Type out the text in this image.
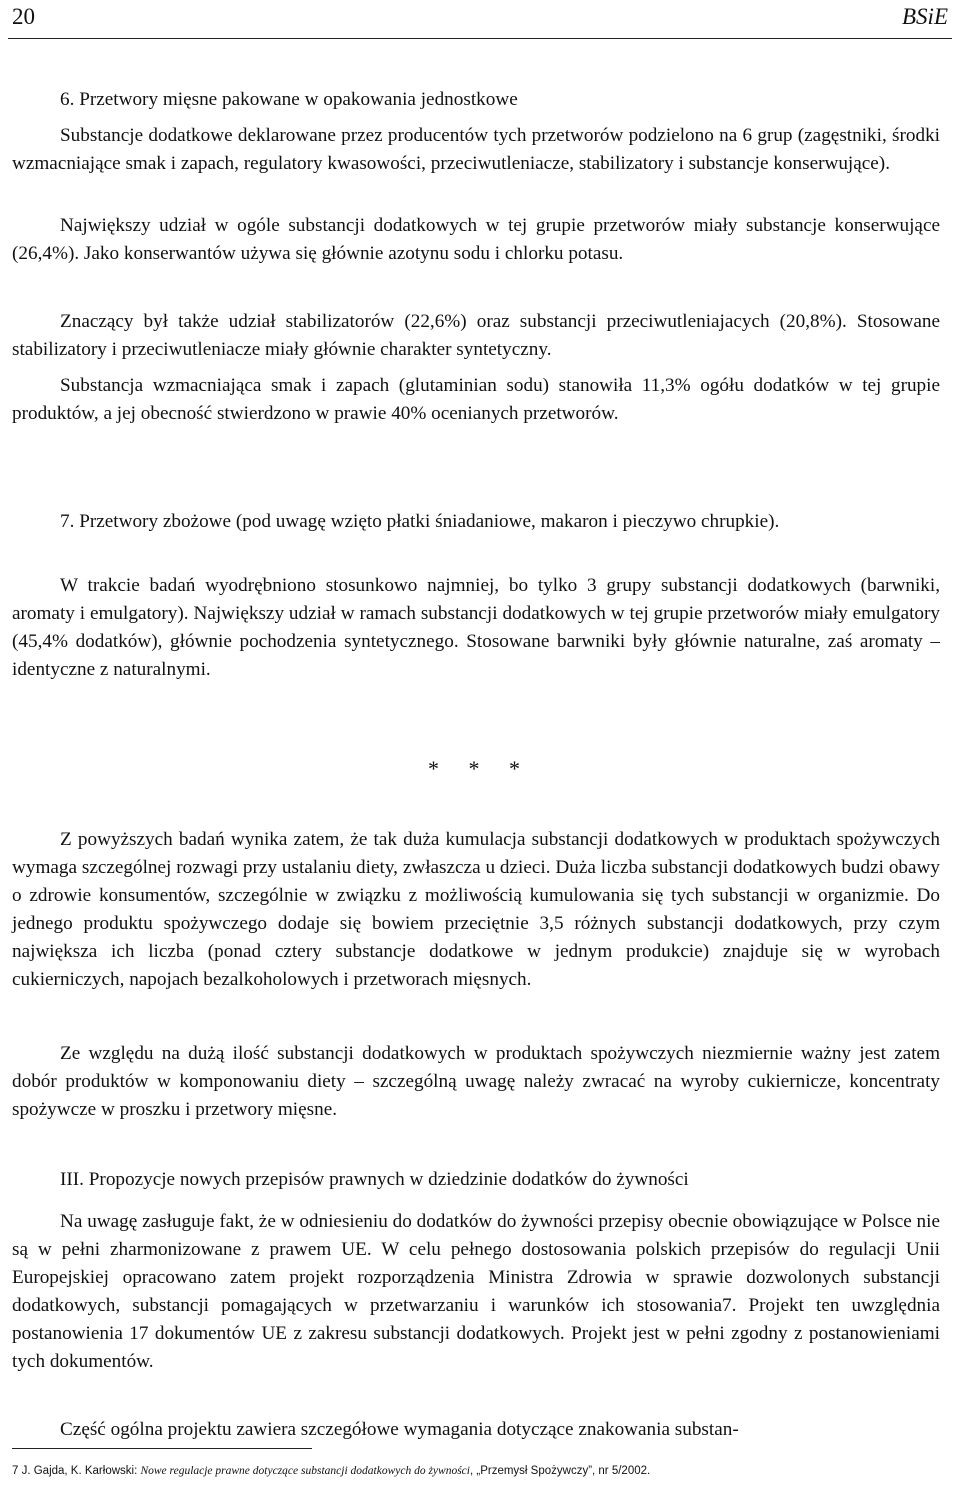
20	BSiE

6. Przetwory mięsne pakowane w opakowania jednostkowe

Substancje dodatkowe deklarowane przez producentów tych przetworów podzielono na 6 grup (zagęstniki, środki wzmacniające smak i zapach, regulatory kwasowości, przeciwutleniacze, stabilizatory i substancje konserwujące).

Największy udział w ogóle substancji dodatkowych w tej grupie przetworów miały substancje konserwujące (26,4%). Jako konserwantów używa się głównie azotynu sodu i chlorku potasu.

Znaczący był także udział stabilizatorów (22,6%) oraz substancji przeciwutleniajacych (20,8%). Stosowane stabilizatory i przeciwutleniacze miały głównie charakter syntetyczny.

Substancja wzmacniająca smak i zapach (glutaminian sodu) stanowiła 11,3% ogółu dodatków w tej grupie produktów, a jej obecność stwierdzono w prawie 40% ocenianych przetworów.

7. Przetwory zbożowe (pod uwagę wzięto płatki śniadaniowe, makaron i pieczywo chrupkie).

W trakcie badań wyodrębniono stosunkowo najmniej, bo tylko 3 grupy substancji dodatkowych (barwniki, aromaty i emulgatory). Największy udział w ramach substancji dodatkowych w tej grupie przetworów miały emulgatory (45,4% dodatków), głównie pochodzenia syntetycznego. Stosowane barwniki były głównie naturalne, zaś aromaty – identyczne z naturalnymi.

Z powyższych badań wynika zatem, że tak duża kumulacja substancji dodatkowych w produktach spożywczych wymaga szczególnej rozwagi przy ustalaniu diety, zwłaszcza u dzieci. Duża liczba substancji dodatkowych budzi obawy o zdrowie konsumentów, szczególnie w związku z możliwością kumulowania się tych substancji w organizmie. Do jednego produktu spożywczego dodaje się bowiem przeciętnie 3,5 różnych substancji dodatkowych, przy czym największa ich liczba (ponad cztery substancje dodatkowe w jednym produkcie) znajduje się w wyrobach cukierniczych, napojach bezalkoholowych i przetworach mięsnych.

Ze względu na dużą ilość substancji dodatkowych w produktach spożywczych niezmiernie ważny jest zatem dobór produktów w komponowaniu diety – szczególną uwagę należy zwracać na wyroby cukiernicze, koncentraty spożywcze w proszku i przetwory mięsne.

III. Propozycje nowych przepisów prawnych w dziedzinie dodatków do żywności

Na uwagę zasługuje fakt, że w odniesieniu do dodatków do żywności przepisy obecnie obowiązujące w Polsce nie są w pełni zharmonizowane z prawem UE. W celu pełnego dostosowania polskich przepisów do regulacji Unii Europejskiej opracowano zatem projekt rozporządzenia Ministra Zdrowia w sprawie dozwolonych substancji dodatkowych, substancji pomagających w przetwarzaniu i warunków ich stosowania7. Projekt ten uwzględnia postanowienia 17 dokumentów UE z zakresu substancji dodatkowych. Projekt jest w pełni zgodny z postanowieniami tych dokumentów.

Część ogólna projektu zawiera szczegółowe wymagania dotyczące znakowania substan-

* * *
7 J. Gajda, K. Karłowski: Nowe regulacje prawne dotyczące substancji dodatkowych do żywności, „Przemysł Spożywczy”, nr 5/2002.
